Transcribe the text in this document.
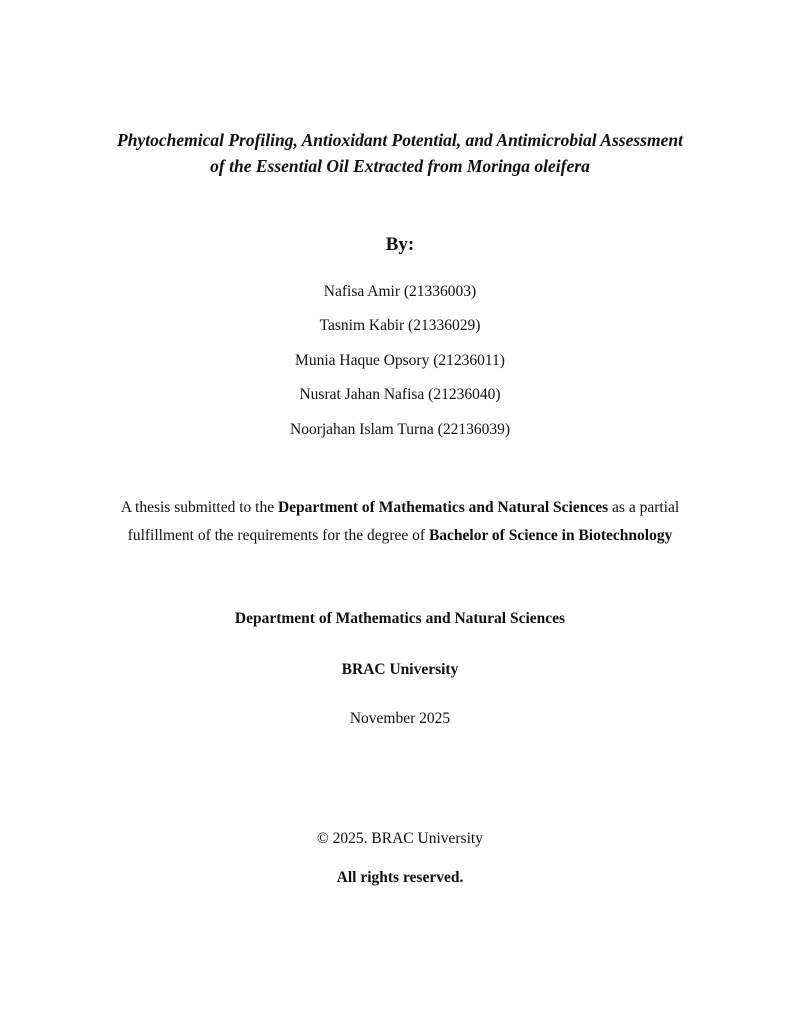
Phytochemical Profiling, Antioxidant Potential, and Antimicrobial Assessment
of the Essential Oil Extracted from Moringa oleifera
By:
Nafisa Amir (21336003)
Tasnim Kabir (21336029)
Munia Haque Opsory (21236011)
Nusrat Jahan Nafisa (21236040)
Noorjahan Islam Turna (22136039)
A thesis submitted to the Department of Mathematics and Natural Sciences as a partial
fulfillment of the requirements for the degree of Bachelor of Science in Biotechnology
Department of Mathematics and Natural Sciences
BRAC University
November 2025
© 2025. BRAC University
All rights reserved.
